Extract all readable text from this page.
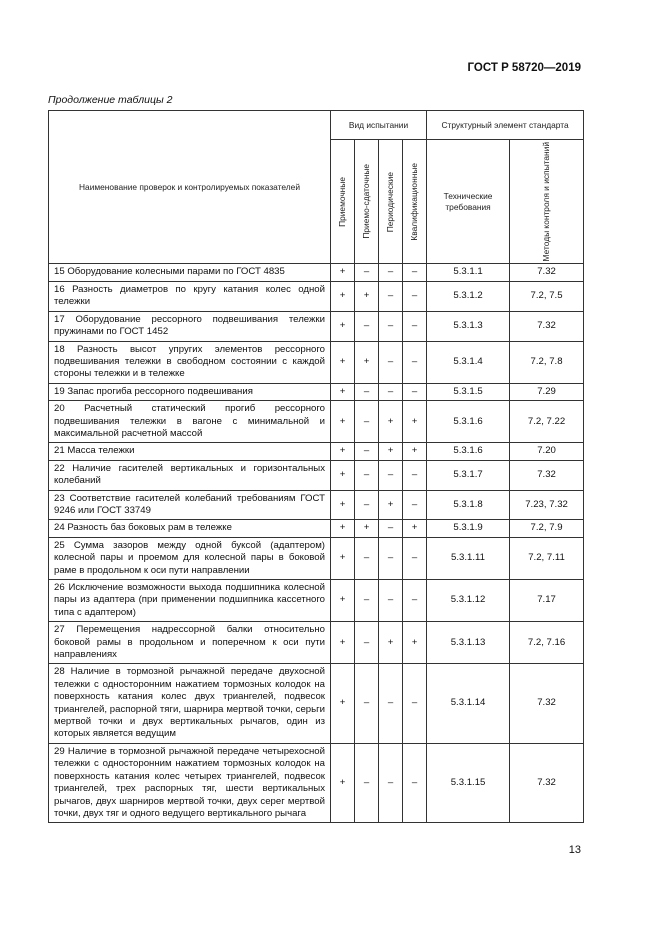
ГОСТ Р 58720—2019
Продолжение таблицы 2
Наименование проверок и контролируемых показателей	Вид испытании				Структурный элемент стандарта	

	Приемочные	Приемо-сдаточные	Периодические	Квалификационные	Технические требования	Методы контроля и испытаний

15 Оборудование колесными парами по ГОСТ 4835	+	–	–	–	5.3.1.1	7.32
16 Разность диаметров по кругу катания колес одной тележки	+	+	–	–	5.3.1.2	7.2, 7.5
17 Оборудование рессорного подвешивания тележки пружинами по ГОСТ 1452	+	–	–	–	5.3.1.3	7.32
18 Разность высот упругих элементов рессорного подвешивания тележки в свободном состоянии с каждой стороны тележки и в тележке	+	+	–	–	5.3.1.4	7.2, 7.8
19 Запас прогиба рессорного подвешивания	+	–	–	–	5.3.1.5	7.29
20 Расчетный статический прогиб рессорного подвешивания тележки в вагоне с минимальной и максимальной расчетной массой	+	–	+	+	5.3.1.6	7.2, 7.22
21 Масса тележки	+	–	+	+	5.3.1.6	7.20
22 Наличие гасителей вертикальных и горизонтальных колебаний	+	–	–	–	5.3.1.7	7.32
23 Соответствие гасителей колебаний требованиям ГОСТ 9246 или ГОСТ 33749	+	–	+	–	5.3.1.8	7.23, 7.32
24 Разность баз боковых рам в тележке	+	+	–	+	5.3.1.9	7.2, 7.9
25 Сумма зазоров между одной буксой (адаптером) колесной пары и проемом для колесной пары в боковой раме в продольном к оси пути направлении	+	–	–	–	5.3.1.11	7.2, 7.11
26 Исключение возможности выхода подшипника колесной пары из адаптера (при применении подшипника кассетного типа с адаптером)	+	–	–	–	5.3.1.12	7.17
27 Перемещения надрессорной балки относительно боковой рамы в продольном и поперечном к оси пути направлениях	+	–	+	+	5.3.1.13	7.2, 7.16
28 Наличие в тормозной рычажной передаче двухосной тележки с односторонним нажатием тормозных колодок на поверхность катания колес двух триангелей, подвесок триангелей, распорной тяги, шарнира мертвой точки, серьги мертвой точки и двух вертикальных рычагов, один из которых является ведущим	+	–	–	–	5.3.1.14	7.32
29 Наличие в тормозной рычажной передаче четырехосной тележки с односторонним нажатием тормозных колодок на поверхность катания колес четырех триангелей, подвесок триангелей, трех распорных тяг, шести вертикальных рычагов, двух шарниров мертвой точки, двух серег мертвой точки, двух тяг и одного ведущего вертикального рычага	+	–	–	–	5.3.1.15	7.32
13
